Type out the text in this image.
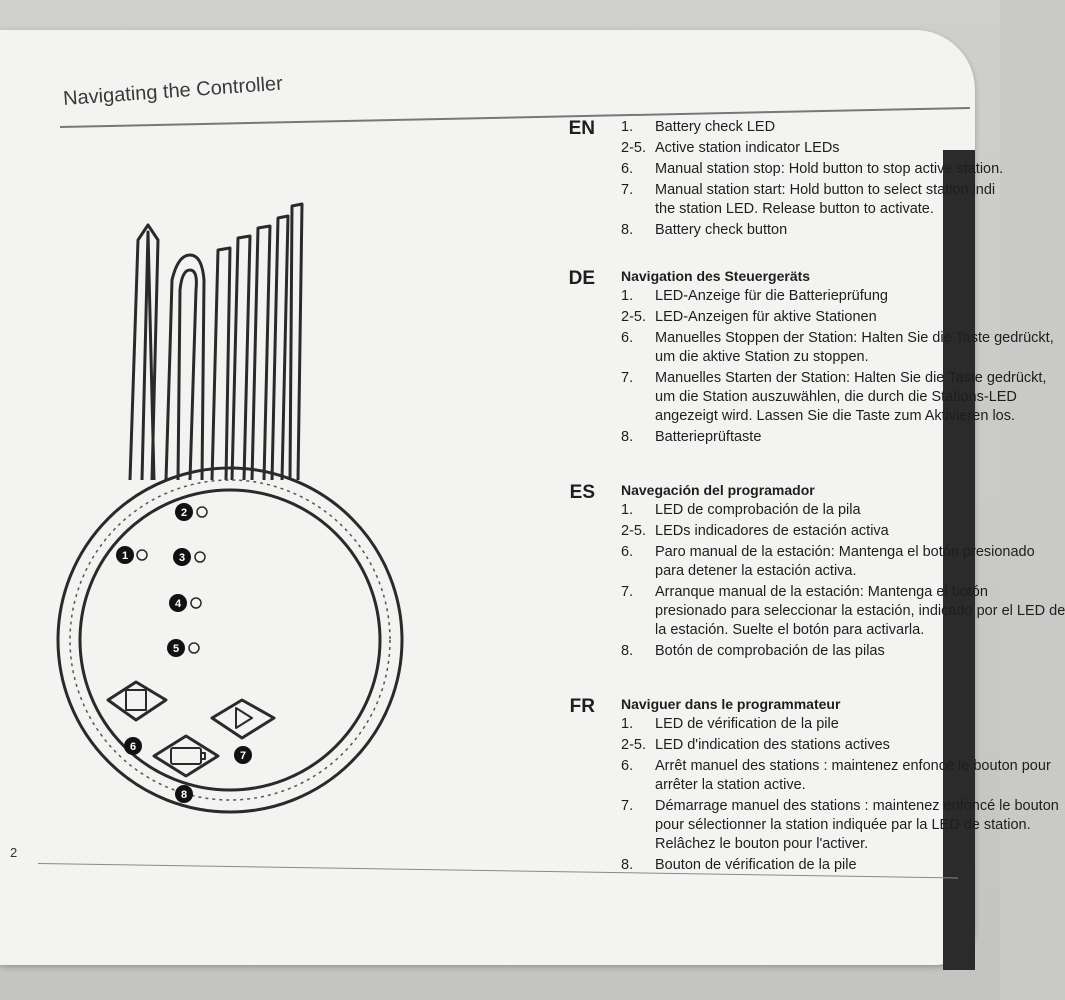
Navigating the Controller
1
2
3
4
5
6
7
8
EN 1.	Battery check LED
2-5. Active station indicator LEDs
6.	Manual station stop: Hold button to stop active station.
7.	Manual station start: Hold button to select station indi
the station LED. Release button to activate.
8.	Battery check button
DE Navigation des Steuergeräts
1.	LED-Anzeige für die Batterieprüfung
2-5. LED-Anzeigen für aktive Stationen
6.	Manuelles Stoppen der Station: Halten Sie die Taste gedrückt,
um die aktive Station zu stoppen.
7.	Manuelles Starten der Station: Halten Sie die Taste gedrückt,
um die Station auszuwählen, die durch die Stations-LED
angezeigt wird. Lassen Sie die Taste zum Aktivieren los.
8.	Batterieprüftaste
ES Navegación del programador
1.	LED de comprobación de la pila
2-5. LEDs indicadores de estación activa
6.	Paro manual de la estación: Mantenga el botón presionado
para detener la estación activa.
7.	Arranque manual de la estación: Mantenga el botón
presionado para seleccionar la estación, indicado por el LED de
la estación. Suelte el botón para activarla.
8.	Botón de comprobación de las pilas
FR Naviguer dans le programmateur
1.	LED de vérification de la pile
2-5. LED d'indication des stations actives
6.	Arrêt manuel des stations : maintenez enfoncé le bouton pour
arrêter la station active.
7.	Démarrage manuel des stations : maintenez enfoncé le bouton
pour sélectionner la station indiquée par la LED de station.
Relâchez le bouton pour l'activer.
8.	Bouton de vérification de la pile
2
